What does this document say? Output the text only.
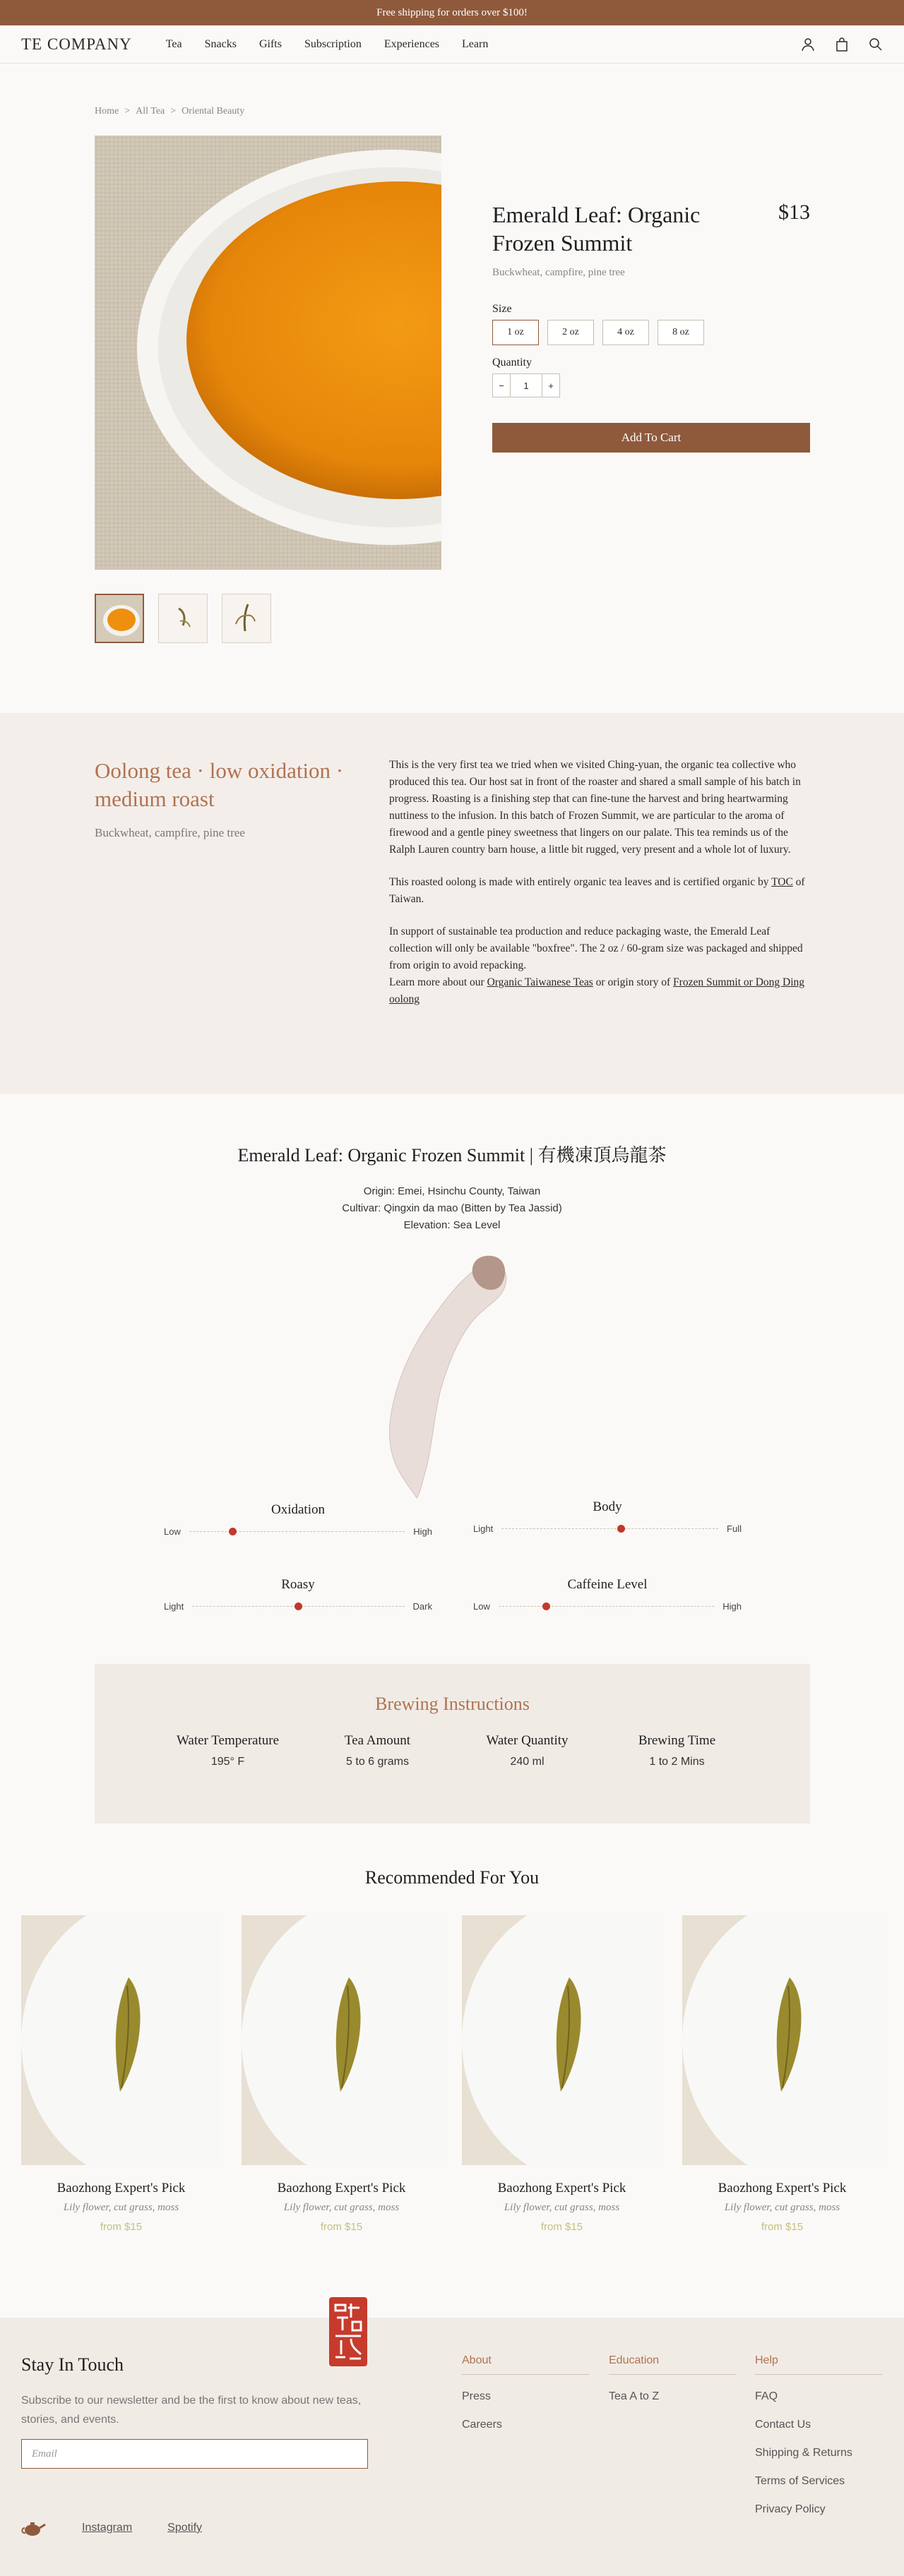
Free shipping for orders over $100!
TE COMPANY	Tea Snacks Gifts Subscription Experiences Learn
Home > All Tea > Oriental Beauty
Emerald Leaf: Organic Frozen Summit
$13
Buckwheat, campfire, pine tree
Size
1 oz	2 oz	4 oz	8 oz
Quantity
−	1	+
Add To Cart
Oolong tea · low oxidation · medium roast
Buckwheat, campfire, pine tree

This is the very first tea we tried when we visited Ching-yuan, the organic tea collective who produced this tea. Our host sat in front of the roaster and shared a small sample of his batch in progress. Roasting is a finishing step that can fine-tune the harvest and bring heartwarming nuttiness to the infusion. In this batch of Frozen Summit, we are particular to the aroma of firewood and a gentle piney sweetness that lingers on our palate. This tea reminds us of the Ralph Lauren country barn house, a little bit rugged, very present and a whole lot of luxury.

This roasted oolong is made with entirely organic tea leaves and is certified organic by TOC of Taiwan.

In support of sustainable tea production and reduce packaging waste, the Emerald Leaf collection will only be available "boxfree". The 2 oz / 60-gram size was packaged and shipped from origin to avoid repacking.

Learn more about our Organic Taiwanese Teas or origin story of Frozen Summit or Dong Ding oolong

Emerald Leaf: Organic Frozen Summit | 有機凍頂烏龍茶
Origin: Emei, Hsinchu County, Taiwan
Cultivar: Qingxin da mao (Bitten by Tea Jassid)
Elevation: Sea Level
Oxidation
Low	High
Body
Light	Full
Roasy
Light	Dark
Caffeine Level
Low	High
Brewing Instructions
Water Temperature
195° F
Tea Amount
5 to 6 grams
Water Quantity
240 ml
Brewing Time
1 to 2 Mins
Recommended For You
Baozhong Expert's Pick
Lily flower, cut grass, moss
from $15
Baozhong Expert's Pick
Lily flower, cut grass, moss
from $15
Baozhong Expert's Pick
Lily flower, cut grass, moss
from $15
Baozhong Expert's Pick
Lily flower, cut grass, moss
from $15
Stay In Touch
Subscribe to our newsletter and be the first to know about new teas, stories, and events.
Email
Instagram	Spotify
About
Press
Careers
Education
Tea A to Z
Help
FAQ
Contact Us
Shipping & Returns
Terms of Services
Privacy Policy
